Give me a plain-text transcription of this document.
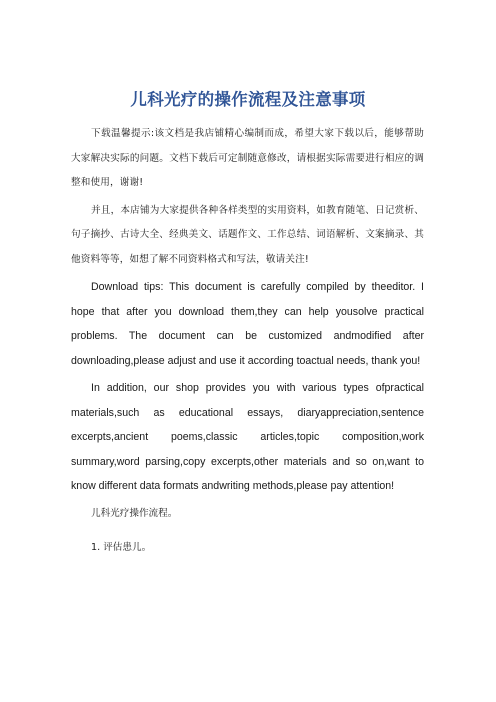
儿科光疗的操作流程及注意事项

下载温馨提示:该文档是我店铺精心编制而成，希望大家下载以后，能够帮助大家解决实际的问题。文档下载后可定制随意修改，请根据实际需要进行相应的调整和使用，谢谢!

并且，本店铺为大家提供各种各样类型的实用资料，如教育随笔、日记赏析、句子摘抄、古诗大全、经典美文、话题作文、工作总结、词语解析、文案摘录、其他资料等等，如想了解不同资料格式和写法，敬请关注!

Download tips: This document is carefully compiled by theeditor. I hope that after you download them,they can help yousolve practical problems. The document can be customized andmodified after downloading,please adjust and use it according toactual needs, thank you!

In addition, our shop provides you with various types ofpractical materials,such as educational essays, diaryappreciation,sentence excerpts,ancient poems,classic articles,topic composition,work summary,word parsing,copy excerpts,other materials and so on,want to know different data formats andwriting methods,please pay attention!

儿科光疗操作流程。

1. 评估患儿。
